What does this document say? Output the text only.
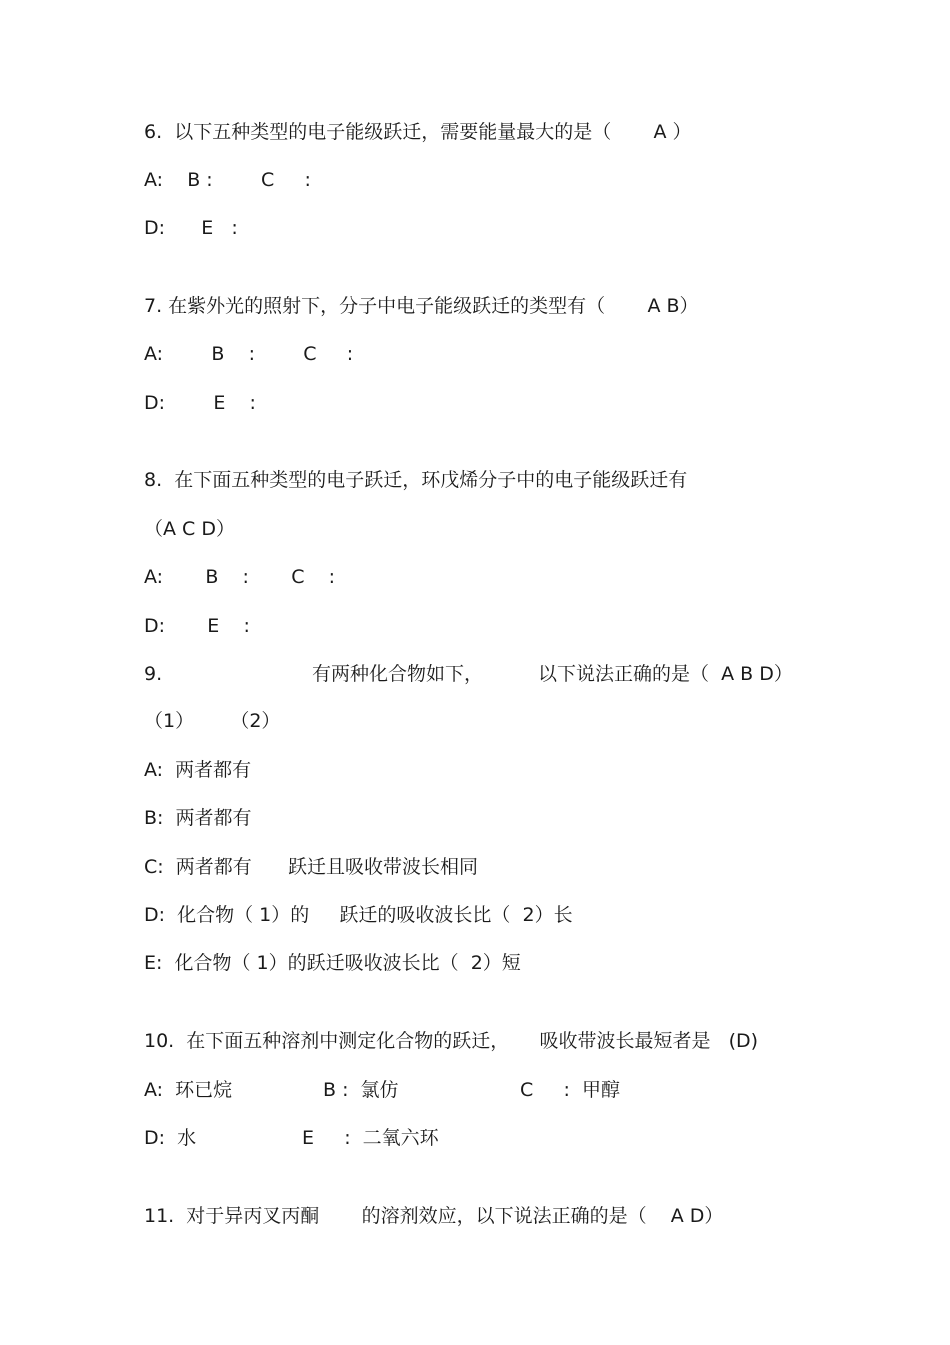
6.  以下五种类型的电子能级跃迁，需要能量最大的是（       A ）
A:    B :        C     :
D:      E   :
7. 在紫外光的照射下，分子中电子能级跃迁的类型有（       A B）
A:        B    :        C     :
D:        E    :
8.  在下面五种类型的电子跃迁，环戊烯分子中的电子能级跃迁有
（A C D）
A:       B    :       C    :
D:       E    :
9.	有两种化合物如下，	以下说法正确的是（  A B D）
（1）      （2）
A:  两者都有
B:  两者都有
C:  两者都有      跃迁且吸收带波长相同
D:  化合物（ 1）的     跃迁的吸收波长比（  2）长
E:  化合物（ 1）的跃迁吸收波长比（  2）短
10.  在下面五种溶剂中测定化合物的跃迁，     吸收带波长最短者是   (D)
A:  环已烷	B :  氯仿	C     :  甲醇
D:  水	E     :  二氧六环
11.  对于异丙叉丙酮       的溶剂效应，以下说法正确的是（    A D）
